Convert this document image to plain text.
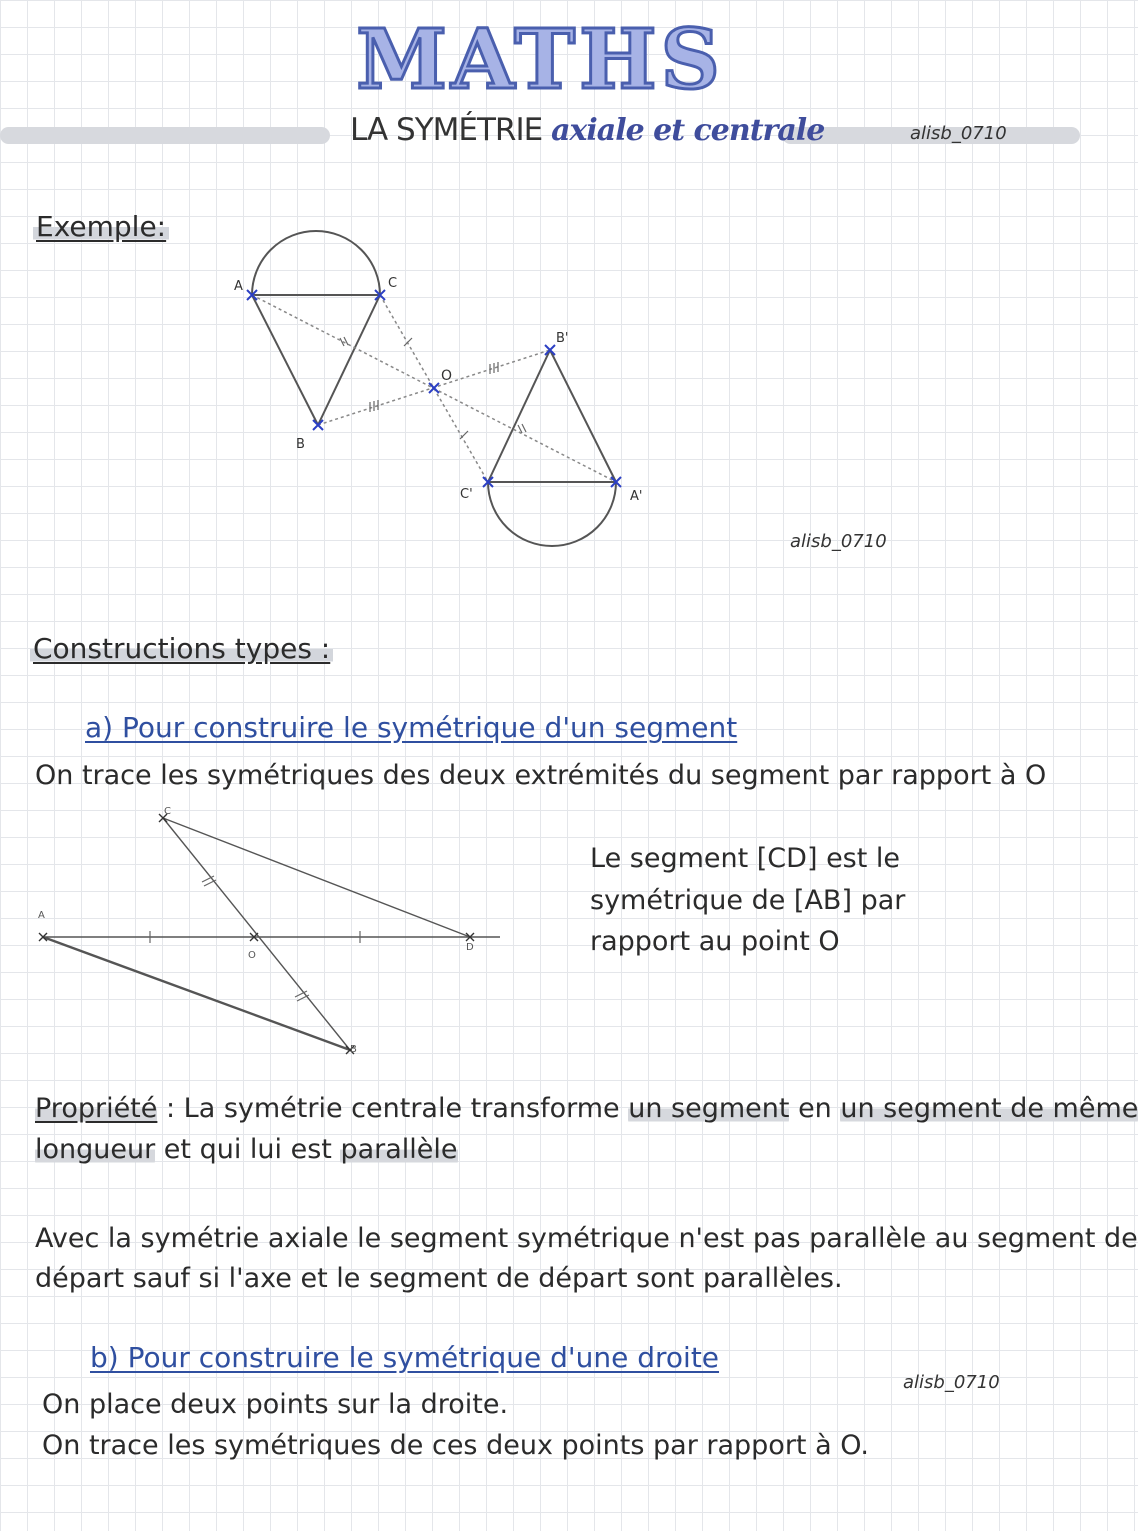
MATHS
LA SYMÉTRIE axiale et centrale	alisb_0710
Exemple:
A	C
B
O
B'
C'	A'
alisb_0710
Constructions types :
a) Pour construire le symétrique d'un segment
On trace les symétriques des deux extrémités du segment par rapport à O
A
C
D
B
O
Le segment [CD] est le
symétrique de [AB] par
rapport au point O
Propriété : La symétrie centrale transforme un segment en un segment de même
longueur et qui lui est parallèle
Avec la symétrie axiale le segment symétrique n'est pas parallèle au segment de
départ sauf si l'axe et le segment de départ sont parallèles.
b) Pour construire le symétrique d'une droite
alisb_0710
On place deux points sur la droite.
On trace les symétriques de ces deux points par rapport à O.
